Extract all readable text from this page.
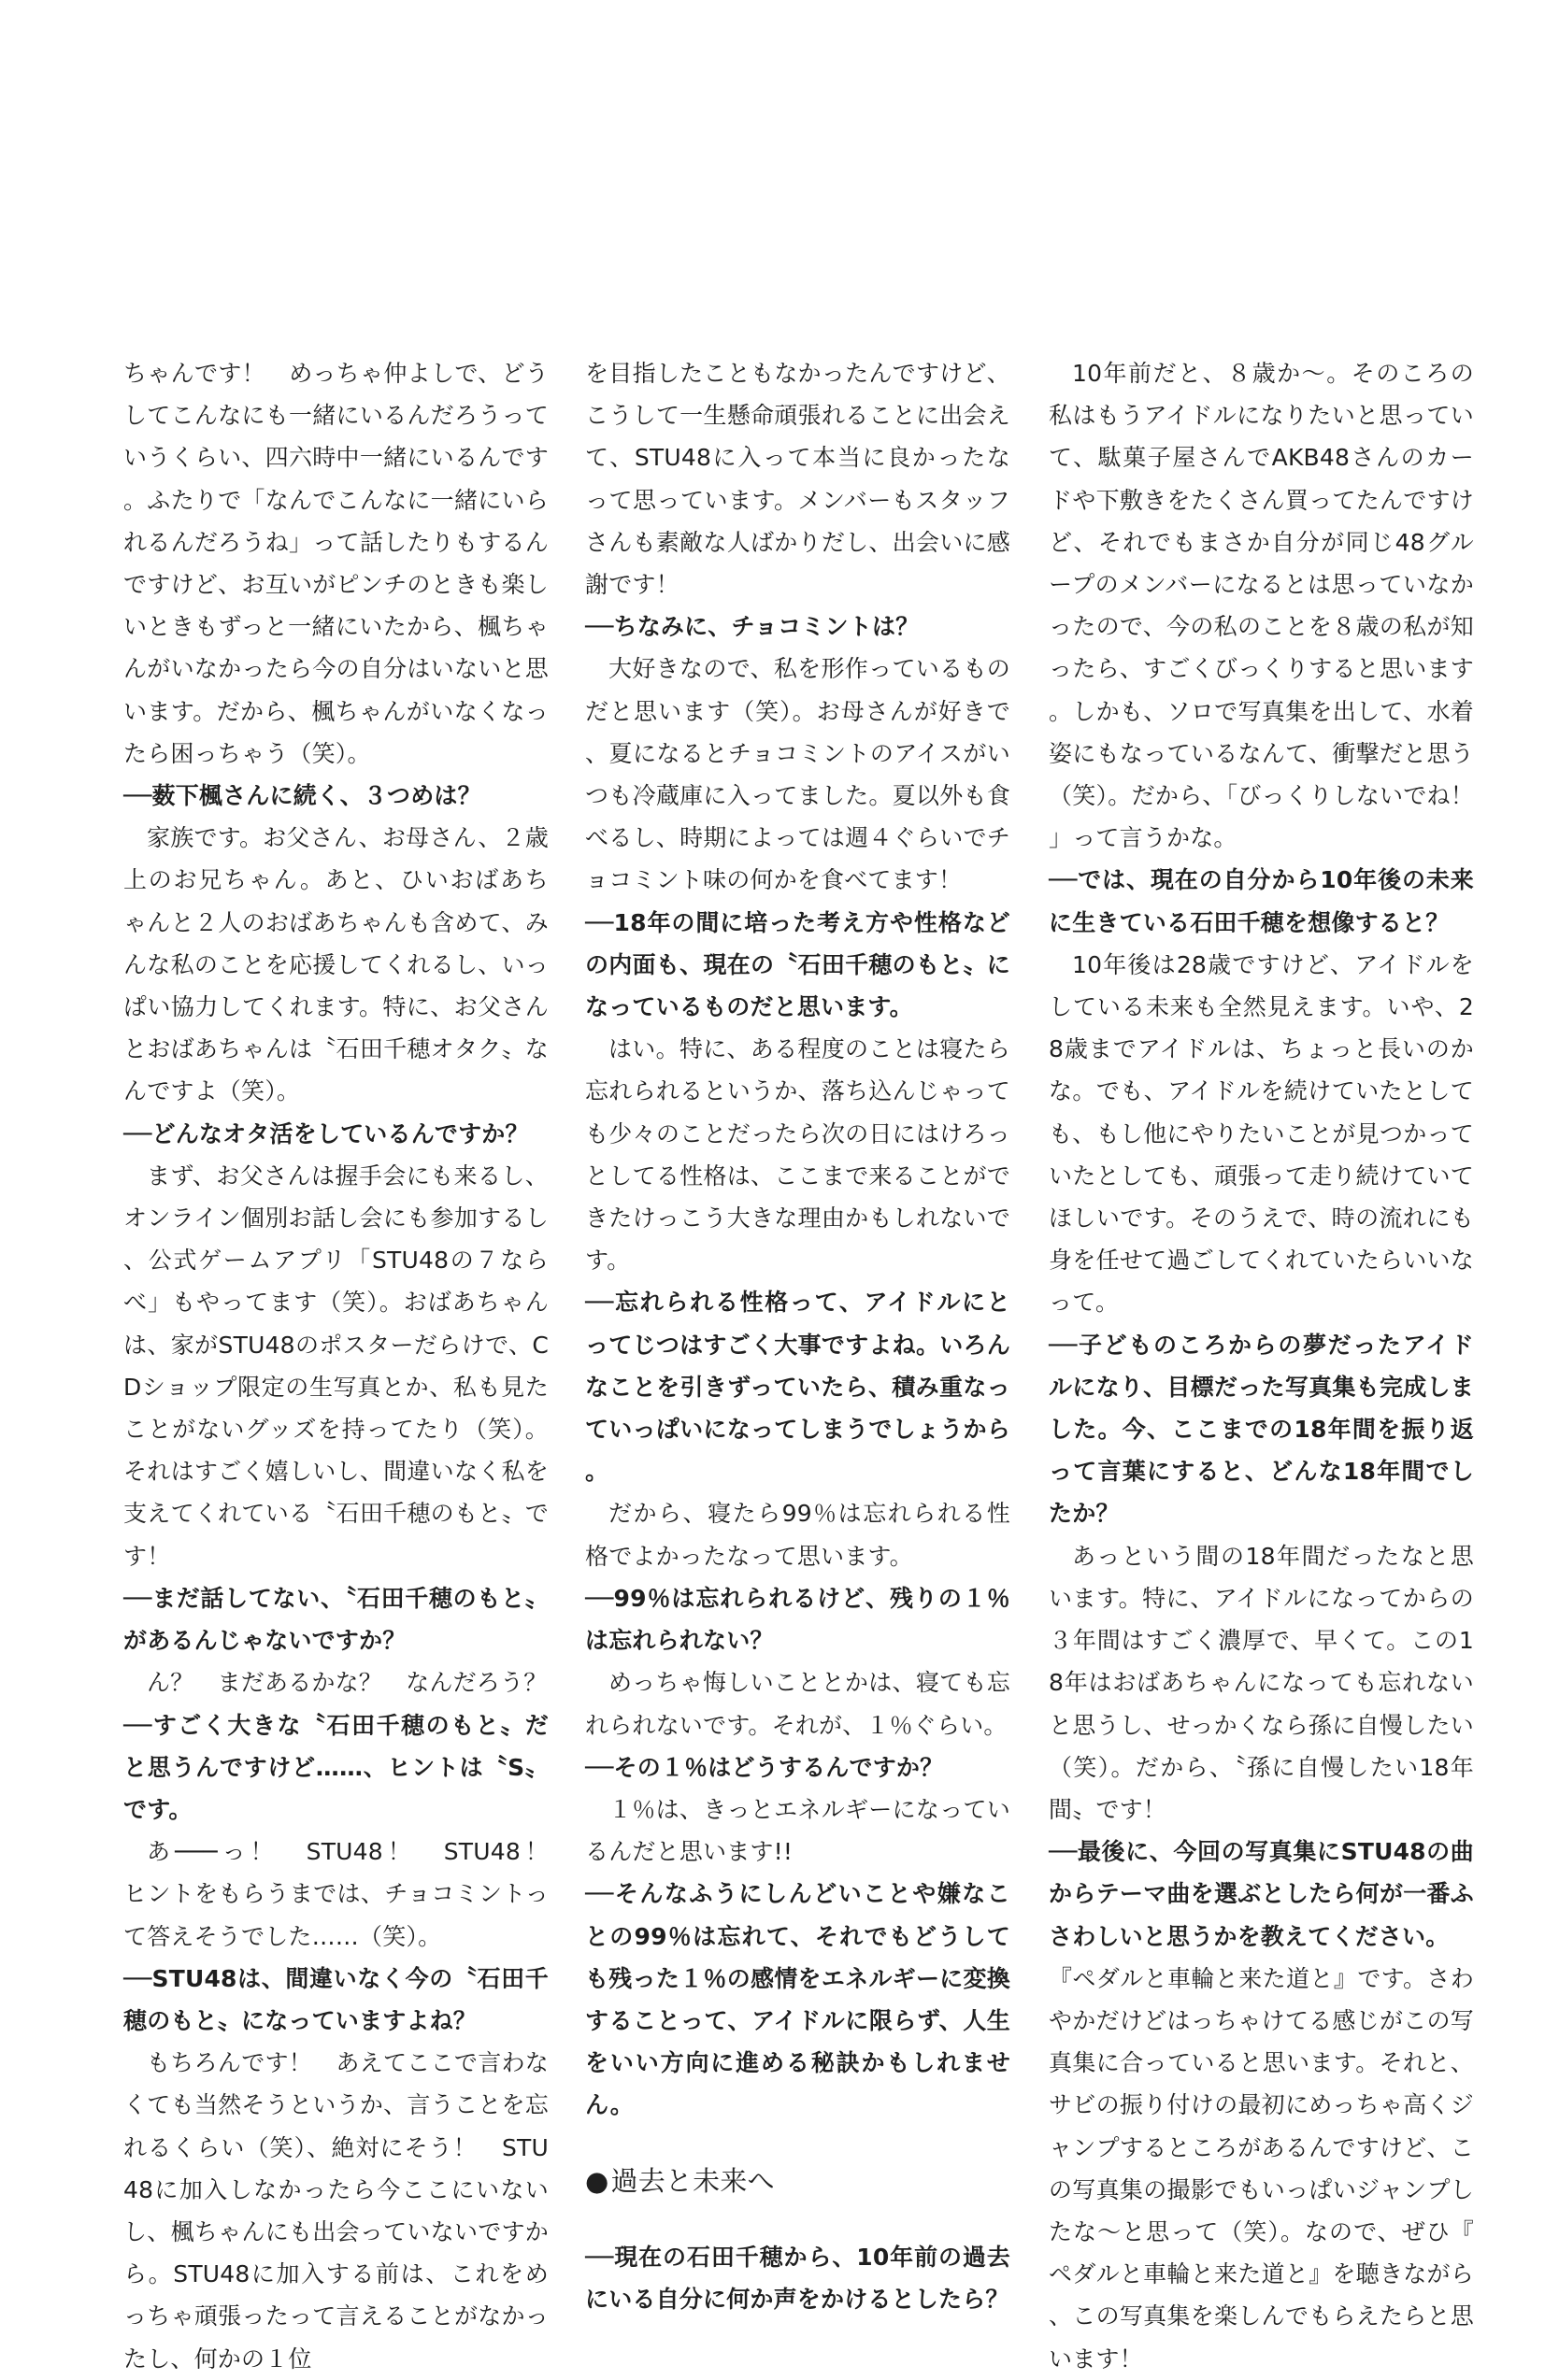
ちゃんです！　めっちゃ仲よしで、どうしてこんなにも一緒にいるんだろうっていうくらい、四六時中一緒にいるんです。ふたりで「なんでこんなに一緒にいられるんだろうね」って話したりもするんですけど、お互いがピンチのときも楽しいときもずっと一緒にいたから、楓ちゃんがいなかったら今の自分はいないと思います。だから、楓ちゃんがいなくなったら困っちゃう（笑）。

──薮下楓さんに続く、３つめは？

家族です。お父さん、お母さん、２歳上のお兄ちゃん。あと、ひいおばあちゃんと２人のおばあちゃんも含めて、みんな私のことを応援してくれるし、いっぱい協力してくれます。特に、お父さんとおばあちゃんは〝石田千穂オタク〟なんですよ（笑）。

──どんなオタ活をしているんですか？

まず、お父さんは握手会にも来るし、オンライン個別お話し会にも参加するし、公式ゲームアプリ「STU48の７ならべ」もやってます（笑）。おばあちゃんは、家がSTU48のポスターだらけで、CDショップ限定の生写真とか、私も見たことがないグッズを持ってたり（笑）。それはすごく嬉しいし、間違いなく私を支えてくれている〝石田千穂のもと〟です！

──まだ話してない、〝石田千穂のもと〟があるんじゃないですか？

ん？　まだあるかな？　なんだろう？

──すごく大きな〝石田千穂のもと〟だと思うんですけど……、ヒントは〝S〟です。

あ───っ！　STU48！　STU48！　ヒントをもらうまでは、チョコミントって答えそうでした……（笑）。

──STU48は、間違いなく今の〝石田千穂のもと〟になっていますよね？

もちろんです！　あえてここで言わなくても当然そうというか、言うことを忘れるくらい（笑）、絶対にそう！　STU48に加入しなかったら今ここにいないし、楓ちゃんにも出会っていないですから。STU48に加入する前は、これをめっちゃ頑張ったって言えることがなかったし、何かの１位

を目指したこともなかったんですけど、こうして一生懸命頑張れることに出会えて、STU48に入って本当に良かったなって思っています。メンバーもスタッフさんも素敵な人ばかりだし、出会いに感謝です！

──ちなみに、チョコミントは？

大好きなので、私を形作っているものだと思います（笑）。お母さんが好きで、夏になるとチョコミントのアイスがいつも冷蔵庫に入ってました。夏以外も食べるし、時期によっては週４ぐらいでチョコミント味の何かを食べてます！

──18年の間に培った考え方や性格などの内面も、現在の〝石田千穂のもと〟になっているものだと思います。

はい。特に、ある程度のことは寝たら忘れられるというか、落ち込んじゃっても少々のことだったら次の日にはけろっとしてる性格は、ここまで来ることができたけっこう大きな理由かもしれないです。

──忘れられる性格って、アイドルにとってじつはすごく大事ですよね。いろんなことを引きずっていたら、積み重なっていっぱいになってしまうでしょうから。

だから、寝たら99％は忘れられる性格でよかったなって思います。

──99％は忘れられるけど、残りの１％は忘れられない？

めっちゃ悔しいこととかは、寝ても忘れられないです。それが、１％ぐらい。

──その１％はどうするんですか？

１％は、きっとエネルギーになっているんだと思います!!

──そんなふうにしんどいことや嫌なことの99％は忘れて、それでもどうしても残った１％の感情をエネルギーに変換することって、アイドルに限らず、人生をいい方向に進める秘訣かもしれません。

●過去と未来へ

──現在の石田千穂から、10年前の過去にいる自分に何か声をかけるとしたら？

10年前だと、８歳か～。そのころの私はもうアイドルになりたいと思っていて、駄菓子屋さんでAKB48さんのカードや下敷きをたくさん買ってたんですけど、それでもまさか自分が同じ48グループのメンバーになるとは思っていなかったので、今の私のことを８歳の私が知ったら、すごくびっくりすると思います。しかも、ソロで写真集を出して、水着姿にもなっているなんて、衝撃だと思う（笑）。だから、「びっくりしないでね！」って言うかな。

──では、現在の自分から10年後の未来に生きている石田千穂を想像すると？

10年後は28歳ですけど、アイドルをしている未来も全然見えます。いや、28歳までアイドルは、ちょっと長いのかな。でも、アイドルを続けていたとしても、もし他にやりたいことが見つかっていたとしても、頑張って走り続けていてほしいです。そのうえで、時の流れにも身を任せて過ごしてくれていたらいいなって。

──子どものころからの夢だったアイドルになり、目標だった写真集も完成しました。今、ここまでの18年間を振り返って言葉にすると、どんな18年間でしたか？

あっという間の18年間だったなと思います。特に、アイドルになってからの３年間はすごく濃厚で、早くて。この18年はおばあちゃんになっても忘れないと思うし、せっかくなら孫に自慢したい（笑）。だから、〝孫に自慢したい18年間〟です！

──最後に、今回の写真集にSTU48の曲からテーマ曲を選ぶとしたら何が一番ふさわしいと思うかを教えてください。

『ペダルと車輪と来た道と』です。さわやかだけどはっちゃけてる感じがこの写真集に合っていると思います。それと、サビの振り付けの最初にめっちゃ高くジャンプするところがあるんですけど、この写真集の撮影でもいっぱいジャンプしたな～と思って（笑）。なので、ぜひ『ペダルと車輪と来た道と』を聴きながら、この写真集を楽しんでもらえたらと思います！
